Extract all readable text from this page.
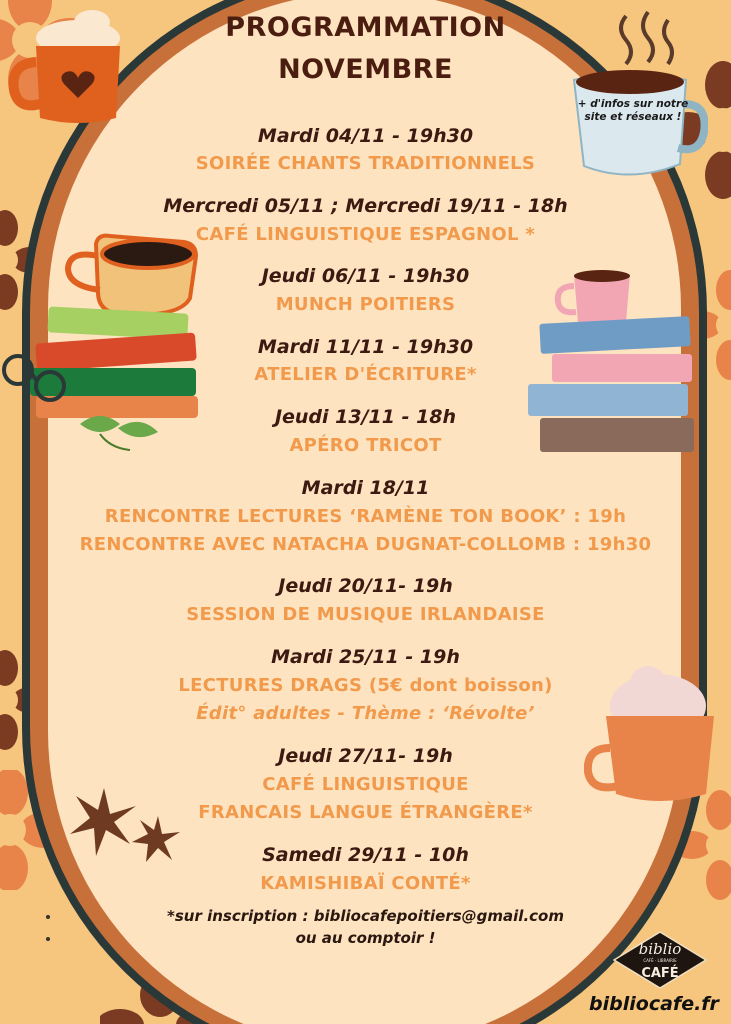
+ d'infos sur notre site et réseaux !
PROGRAMMATION
NOVEMBRE
Mardi 04/11 - 19h30
SOIRÉE CHANTS TRADITIONNELS
Mercredi 05/11 ; Mercredi 19/11 - 18h
CAFÉ LINGUISTIQUE ESPAGNOL *
Jeudi 06/11 - 19h30
MUNCH POITIERS
Mardi 11/11 - 19h30
ATELIER D'ÉCRITURE*
Jeudi 13/11 - 18h
APÉRO TRICOT
Mardi 18/11
RENCONTRE LECTURES ‘RAMÈNE TON BOOK’ : 19h
RENCONTRE AVEC NATACHA DUGNAT-COLLOMB : 19h30
Jeudi 20/11- 19h
SESSION DE MUSIQUE IRLANDAISE
Mardi 25/11 - 19h
LECTURES DRAGS (5€ dont boisson)
Édit° adultes - Thème : ‘Révolte’
Jeudi 27/11- 19h
CAFÉ LINGUISTIQUE
FRANCAIS LANGUE ÉTRANGÈRE*
Samedi 29/11 - 10h
KAMISHIBAÏ CONTÉ*
*sur inscription : bibliocafepoitiers@gmail.com
ou au comptoir !
biblio
CAFÉ · LIBRAIRIE
CAFÉ
bibliocafe.fr
